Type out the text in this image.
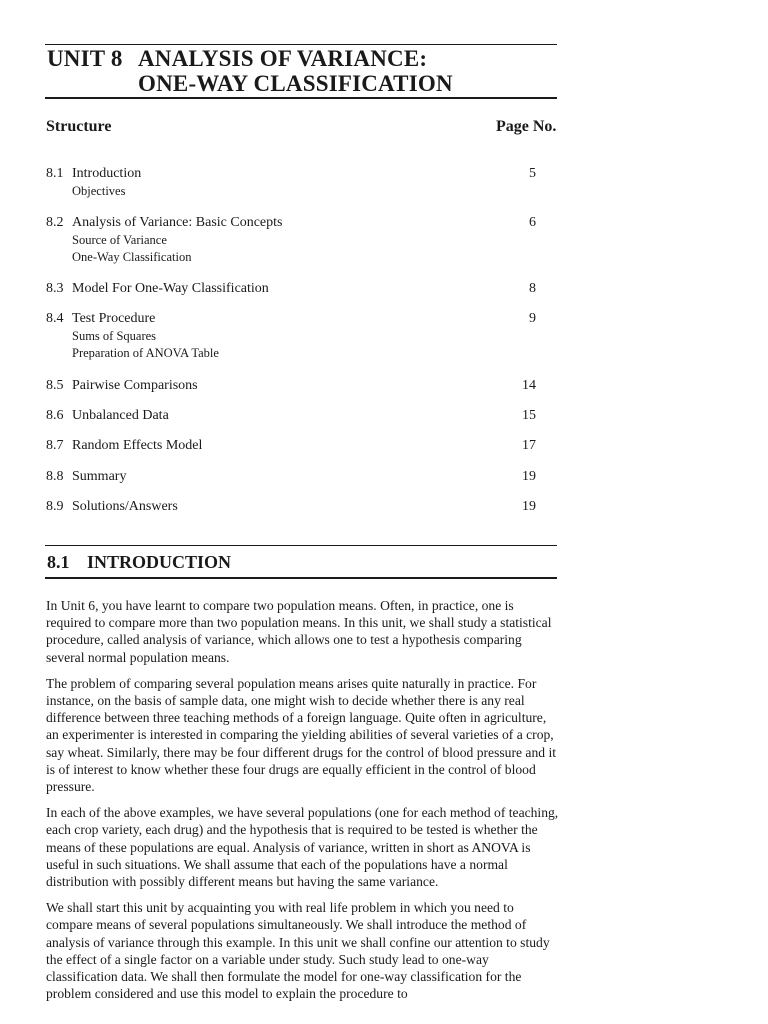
UNIT 8 ANALYSIS OF VARIANCE:
ONE-WAY CLASSIFICATION
Structure	Page No.
8.1 Introduction	5
Objectives
8.2 Analysis of Variance: Basic Concepts	6
Source of Variance
One-Way Classification
8.3 Model For One-Way Classification	8
8.4 Test Procedure	9
Sums of Squares
Preparation of ANOVA Table
8.5 Pairwise Comparisons	14
8.6 Unbalanced Data	15
8.7 Random Effects Model	17
8.8 Summary	19
8.9 Solutions/Answers	19
8.1 INTRODUCTION

In Unit 6, you have learnt to compare two population means. Often, in practice, one is required to compare more than two population means. In this unit, we shall study a statistical procedure, called analysis of variance, which allows one to test a hypothesis comparing several normal population means.

The problem of comparing several population means arises quite naturally in practice. For instance, on the basis of sample data, one might wish to decide whether there is any real difference between three teaching methods of a foreign language. Quite often in agriculture, an experimenter is interested in comparing the yielding abilities of several varieties of a crop, say wheat. Similarly, there may be four different drugs for the control of blood pressure and it is of interest to know whether these four drugs are equally efficient in the control of blood pressure.

In each of the above examples, we have several populations (one for each method of teaching, each crop variety, each drug) and the hypothesis that is required to be tested is whether the means of these populations are equal. Analysis of variance, written in short as ANOVA is useful in such situations. We shall assume that each of the populations have a normal distribution with possibly different means but having the same variance.

We shall start this unit by acquainting you with real life problem in which you need to compare means of several populations simultaneously. We shall introduce the method of analysis of variance through this example. In this unit we shall confine our attention to study the effect of a single factor on a variable under study. Such study lead to one-way classification data. We shall then formulate the model for one-way classification for the problem considered and use this model to explain the procedure to
